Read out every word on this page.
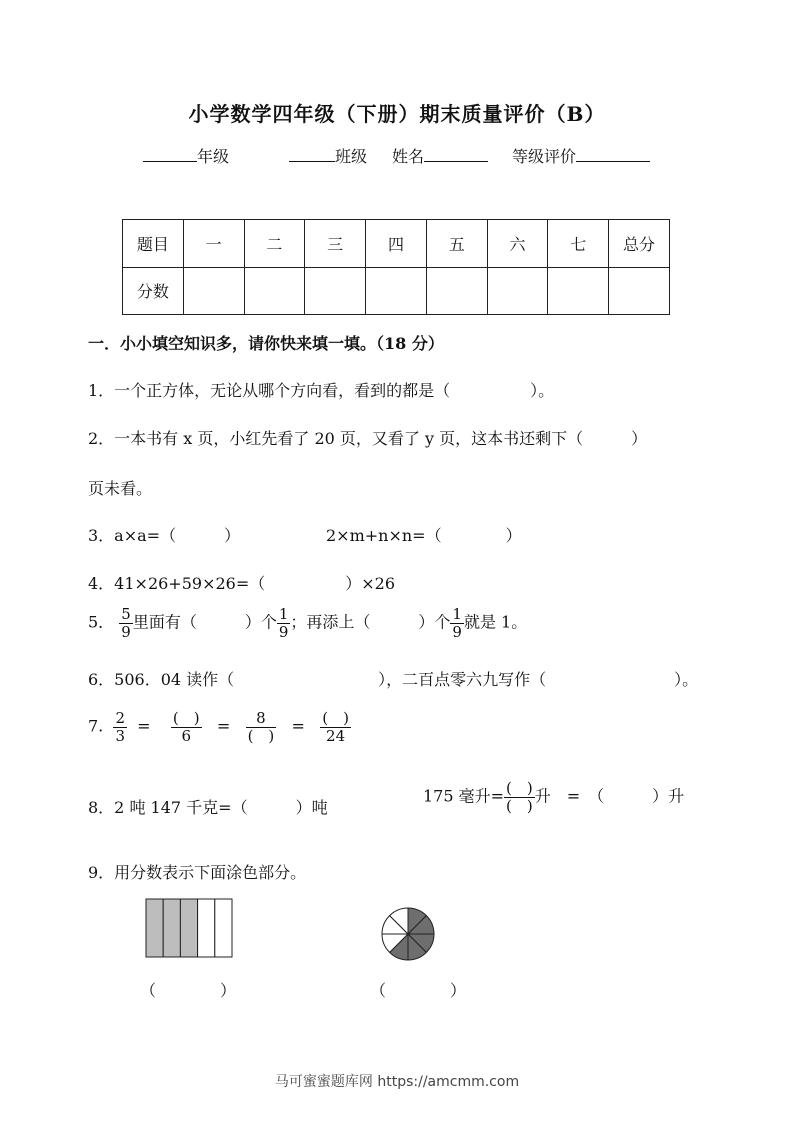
小学数学四年级（下册）期末质量评价（B）
年级	班级 姓名	等级评价
题目	一	二	三	四	五	六	七	总分
分数								
一．小小填空知识多，请你快来填一填。（18 分）
1．一个正方体，无论从哪个方向看，看到的都是（　　　　　）。
2．一本书有 x 页，小红先看了 20 页，又看了 y 页，这本书还剩下（　　　）
页未看。
3．a×a=（　　　）	2×m+n×n=（　　　　）
4．41×26+59×26=（　　　　　）×26
5． $\frac{5}{9}$ 里面有（　　　）个 $\frac{1}{9}$ ；再添上（　　　）个 $\frac{1}{9}$ 就是 1。
6．506．04 读作（　　　　　　　　　），二百点零六九写作（　　　　　　　　）。
7. $\frac{2}{3} = \frac{( )}{6} = \frac{8}{( )} = \frac{( )}{24}$
8．2 吨 147 千克=（　　　）吨
175 毫升= $\frac{( )}{( )}$ 升　=　（　　　）升
9．用分数表示下面涂色部分。
（　　　　）	（　　　　）
马可蜜蜜题库网 https://amcmm.com
